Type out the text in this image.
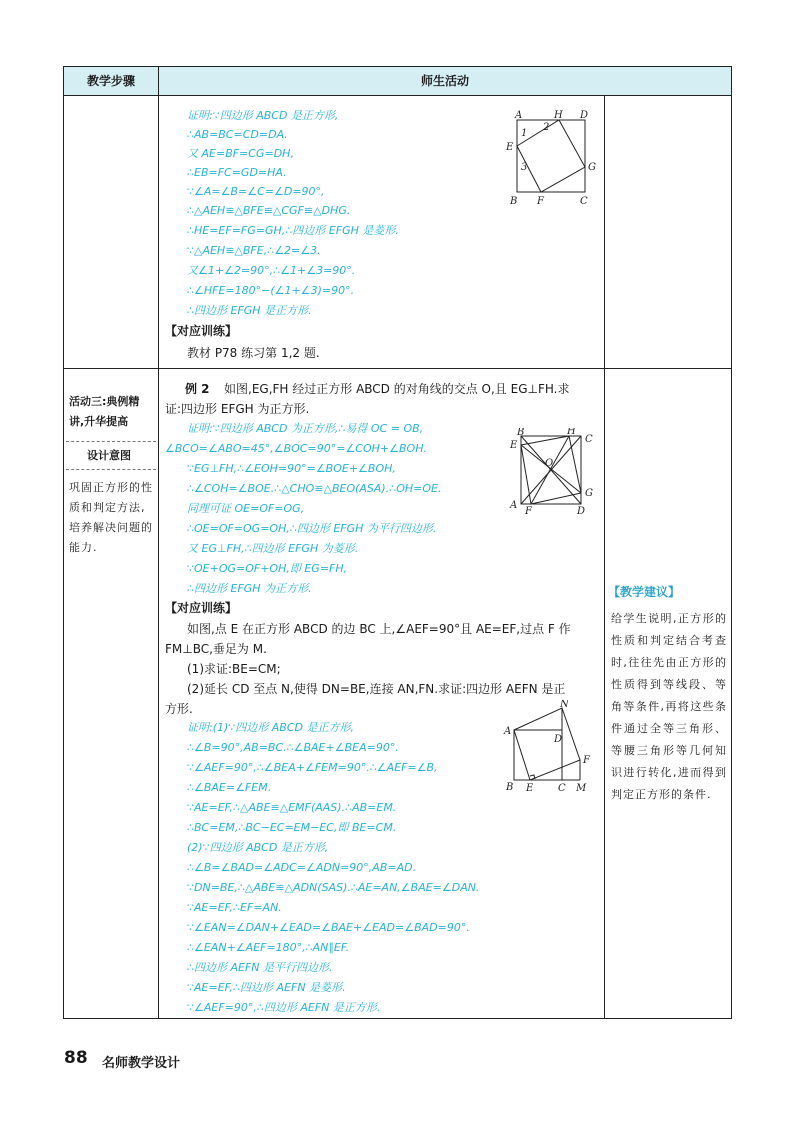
教学步骤	师生活动
证明:∵四边形 ABCD 是正方形,
∴AB=BC=CD=DA.
又 AE=BF=CG=DH,
∴EB=FC=GD=HA.
∵∠A=∠B=∠C=∠D=90°,
∴△AEH≌△BFE≌△CGF≌△DHG.
∴HE=EF=FG=GH,∴四边形 EFGH 是菱形.
∵△AEH≌△BFE,∴∠2=∠3.
又∠1+∠2=90°,∴∠1+∠3=90°.
∴∠HFE=180°−(∠1+∠3)=90°.
∴四边形 EFGH 是正方形.
【对应训练】
教材 P78 练习第 1,2 题.
A	H D
E
G
B F	C
1
2
3
活动三:典例精
讲,升华提高
设计意图
巩固正方形的性
质和判定方法,
培养解决问题的
能力.
例 2 如图,EG,FH 经过正方形 ABCD 的对角线的交点 O,且 EG⊥FH.求
证:四边形 EFGH 为正方形.
证明:∵四边形 ABCD 为正方形,∴易得 OC = OB,
∠BCO=∠ABO=45°,∠BOC=90°=∠COH+∠BOH.
∵EG⊥FH,∴∠EOH=90°=∠BOE+∠BOH,
∴∠COH=∠BOE.∴△CHO≌△BEO(ASA).∴OH=OE.
同理可证 OE=OF=OG,
∴OE=OF=OG=OH,∴四边形 EFGH 为平行四边形.
又 EG⊥FH,∴四边形 EFGH 为菱形.
∵OE+OG=OF+OH,即 EG=FH,
∴四边形 EFGH 为正方形.
B	H
C
E
O
G
A
F	D
【对应训练】
如图,点 E 在正方形 ABCD 的边 BC 上,∠AEF=90°且 AE=EF,过点 F 作
FM⊥BC,垂足为 M.
(1)求证:BE=CM;
(2)延长 CD 至点 N,使得 DN=BE,连接 AN,FN.求证:四边形 AEFN 是正
方形.
证明:(1)∵四边形 ABCD 是正方形,
∴∠B=90°,AB=BC.∴∠BAE+∠BEA=90°.
∵∠AEF=90°,∴∠BEA+∠FEM=90°.∴∠AEF=∠B,
∴∠BAE=∠FEM.
∵AE=EF,∴△ABE≌△EMF(AAS).∴AB=EM.
∴BC=EM,∴BC−EC=EM−EC,即 BE=CM.
(2)∵四边形 ABCD 是正方形,
∴∠B=∠BAD=∠ADC=∠ADN=90°,AB=AD.
∵DN=BE,∴△ABE≌△ADN(SAS).∴AE=AN,∠BAE=∠DAN.
∵AE=EF,∴EF=AN.
∵∠EAN=∠DAN+∠EAD=∠BAE+∠EAD=∠BAD=90°.
∴∠EAN+∠AEF=180°,∴AN∥EF.
∴四边形 AEFN 是平行四边形.
∵AE=EF,∴四边形 AEFN 是菱形.
∵∠AEF=90°,∴四边形 AEFN 是正方形.
N
A
D
F
B E C M
【教学建议】
给学生说明,正方形的性质和判定结合考查时,往往先由正方形的性质得到等线段、等角等条件,再将这些条件通过全等三角形、等腰三角形等几何知识进行转化,进而得到判定正方形的条件.
88 名师教学设计
